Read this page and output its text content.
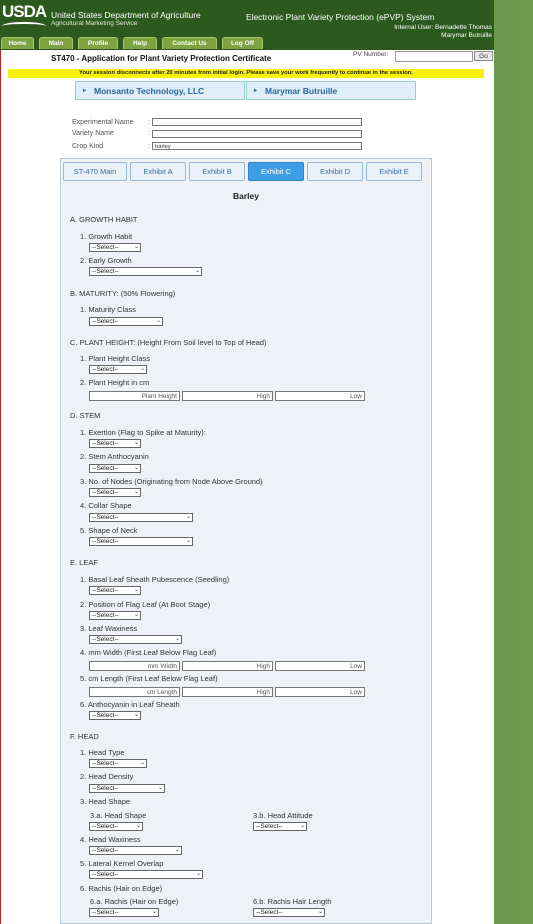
USDA United States Department of Agriculture
Agricultural Marketing Service
Electronic Plant Variety Protection (ePVP) System
Internal User: Bernadette Thomas
Marymar Butruille
Home	Main	Profile	Help	Contact Us	Log Off
ST470 - Application for Plant Variety Protection Certificate	PV Number:	Go
Your session disconnects after 20 minutes from initial login. Please save your work frequently to continue in the session.
▸ Monsanto Technology, LLC	▸ Marymar Butruille
Experimental Name :
Variety Name	:
Crop Kind	: barley
ST-470 Main	Exhibit A	Exhibit B	Exhibit C	Exhibit D	Exhibit E
Barley
A. GROWTH HABIT
1. Growth Habit
--Select--	⌄
2. Early Growth
--Select--	⌄
B. MATURITY: (50% Flowering)
1. Maturity Class
--Select--	⌄
C. PLANT HEIGHT: (Height From Soil level to Top of Head)
1. Plant Height Class
--Select--	⌄
2. Plant Height in cm
Plant Height	High	Low
D. STEM
1. Exertion (Flag to Spike at Maturity):
--Select--	⌄
2. Stem Anthocyanin
--Select--	⌄
3. No. of Nodes (Originating from Node Above Ground)
--Select--	⌄
4. Collar Shape
--Select--	⌄
5. Shape of Neck
--Select--	⌄
E. LEAF
1. Basal Leaf Sheath Pubescence (Seedling)
--Select--	⌄
2. Position of Flag Leaf (At Boot Stage)
--Select--	⌄
3. Leaf Waxiness
--Select--	⌄
4. mm Width (First Leaf Below Flag Leaf)
mm Width	High	Low
5. cm Length (First Leaf Below Flag Leaf)
cm Length	High	Low
6. Anthocyanin in Leaf Sheath
--Select--	⌄
F. HEAD
1. Head Type
--Select--	⌄
2. Head Density
--Select--	⌄
3. Head Shape
3.a. Head Shape
--Select--	⌄
3.b. Head Attitude
--Select--	⌄
4. Head Waxiness
--Select--	⌄
5. Lateral Kernel Overlap
--Select--	⌄
6. Rachis (Hair on Edge)
6.a. Rachis (Hair on Edge)
--Select--	⌄
6.b. Rachis Hair Length
--Select--	⌄
